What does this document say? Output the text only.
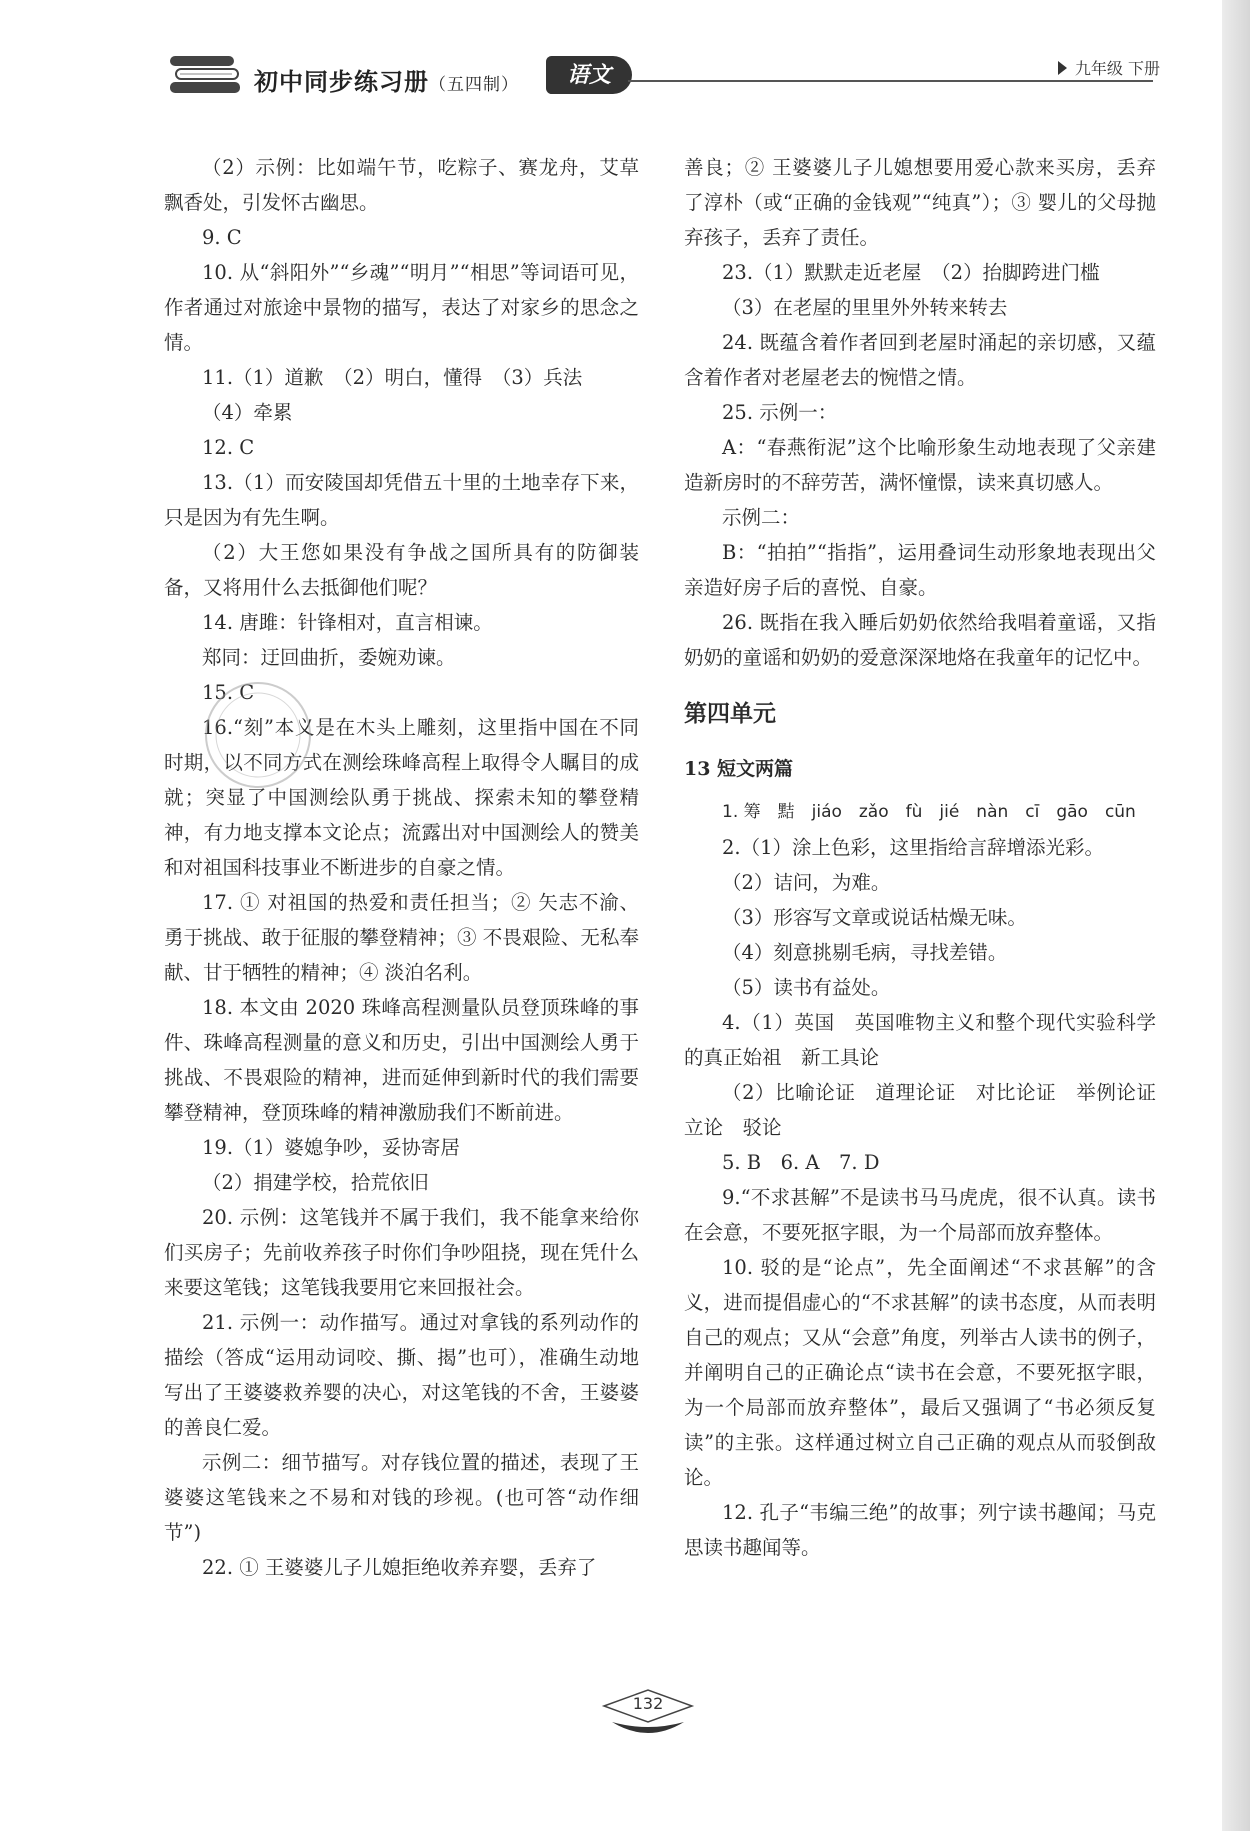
初中同步练习册（五四制）	语文	九年级 下册

（2）示例：比如端午节，吃粽子、赛龙舟，艾草飘香处，引发怀古幽思。

9. C

10. 从“斜阳外”“乡魂”“明月”“相思”等词语可见，作者通过对旅途中景物的描写，表达了对家乡的思念之情。

11.（1）道歉　（2）明白，懂得　（3）兵法

（4）牵累

12. C

13.（1）而安陵国却凭借五十里的土地幸存下来，只是因为有先生啊。

（2）大王您如果没有争战之国所具有的防御装备，又将用什么去抵御他们呢？

14. 唐雎：针锋相对，直言相谏。

郑同：迂回曲折，委婉劝谏。

15. C

16.“刻”本义是在木头上雕刻，这里指中国在不同时期，以不同方式在测绘珠峰高程上取得令人瞩目的成就；突显了中国测绘队勇于挑战、探索未知的攀登精神，有力地支撑本文论点；流露出对中国测绘人的赞美和对祖国科技事业不断进步的自豪之情。

17. ① 对祖国的热爱和责任担当；② 矢志不渝、勇于挑战、敢于征服的攀登精神；③ 不畏艰险、无私奉献、甘于牺牲的精神；④ 淡泊名利。

18. 本文由 2020 珠峰高程测量队员登顶珠峰的事件、珠峰高程测量的意义和历史，引出中国测绘人勇于挑战、不畏艰险的精神，进而延伸到新时代的我们需要攀登精神，登顶珠峰的精神激励我们不断前进。

19.（1）婆媳争吵，妥协寄居

（2）捐建学校，拾荒依旧

20. 示例：这笔钱并不属于我们，我不能拿来给你们买房子；先前收养孩子时你们争吵阻挠，现在凭什么来要这笔钱；这笔钱我要用它来回报社会。

21. 示例一：动作描写。通过对拿钱的系列动作的描绘（答成“运用动词咬、撕、揭”也可），准确生动地写出了王婆婆救养婴的决心，对这笔钱的不舍，王婆婆的善良仁爱。

示例二：细节描写。对存钱位置的描述，表现了王婆婆这笔钱来之不易和对钱的珍视。(也可答“动作细节”)

22. ① 王婆婆儿子儿媳拒绝收养弃婴，丢弃了

善良；② 王婆婆儿子儿媳想要用爱心款来买房，丢弃了淳朴（或“正确的金钱观”“纯真”）；③ 婴儿的父母抛弃孩子，丢弃了责任。

23.（1）默默走近老屋　（2）抬脚跨进门槛

（3）在老屋的里里外外转来转去

24. 既蕴含着作者回到老屋时涌起的亲切感，又蕴含着作者对老屋老去的惋惜之情。

25. 示例一：

A：“春燕衔泥”这个比喻形象生动地表现了父亲建造新房时的不辞劳苦，满怀憧憬，读来真切感人。

示例二：

B：“拍拍”“指指”，运用叠词生动形象地表现出父亲造好房子后的喜悦、自豪。

26. 既指在我入睡后奶奶依然给我唱着童谣，又指奶奶的童谣和奶奶的爱意深深地烙在我童年的记忆中。

第四单元

13 短文两篇

1. 筹　黠　jiáo　zǎo　fù　jié　nàn　cī　gāo　cūn

2.（1）涂上色彩，这里指给言辞增添光彩。

（2）诘问，为难。

（3）形容写文章或说话枯燥无味。

（4）刻意挑剔毛病，寻找差错。

（5）读书有益处。

4.（1）英国　英国唯物主义和整个现代实验科学的真正始祖　新工具论

（2）比喻论证　道理论证　对比论证　举例论证　立论　驳论

5. B　6. A　7. D

9.“不求甚解”不是读书马马虎虎，很不认真。读书在会意，不要死抠字眼，为一个局部而放弃整体。

10. 驳的是“论点”，先全面阐述“不求甚解”的含义，进而提倡虚心的“不求甚解”的读书态度，从而表明自己的观点；又从“会意”角度，列举古人读书的例子，并阐明自己的正确论点“读书在会意，不要死抠字眼，为一个局部而放弃整体”，最后又强调了“书必须反复读”的主张。这样通过树立自己正确的观点从而驳倒敌论。

12. 孔子“韦编三绝”的故事；列宁读书趣闻；马克思读书趣闻等。

132
